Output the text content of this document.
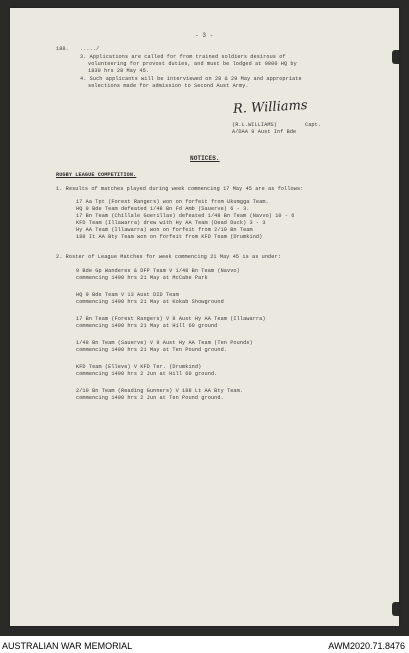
- 3 -
188. ...../
3. Applications are called for from trained soldiers desirous of
volunteering for provost duties, and must be lodged at 0800 HQ by
1830 hrs 28 May 45.
4. Such applicants will be interviewed on 28 & 29 May and appropriate
selections made for admission to Second Aust Army.
R. Williams
(R.L.WILLIAMS)	Capt.
A/DAA 9 Aust Inf Bde
NOTICES.
RUGBY LEAGUE COMPETITION.
1. Results of matches played during week commencing 17 May 45 are as follows:
17 Aa Tpt (Forest Rangers) won on forfeit from Ukumgga Team.
HQ 9 Bde Team defeated 1/48 Bn Fd Amb (Sauerve) 6 - 3.
17 Bn Team (Chillale Guerillas) defeated 1/48 Bn Team (Navvo) 10 - 6
KFD Team (Illawarra) drew with Hy AA Team (Dead Duck) 3 - 3
Hy AA Team (Illawarra) won on forfeit from 2/10 Bn Team
188 It AA Bty Team won on forfeit from KFD Team (Drumkind)
2. Roster of League Matches for week commencing 21 May 45 is as under:
9 Bde Gp Wanderes & DFP Team V 1/48 Bn Team (Navvo)
commencing 1400 hrs 21 May at McCabe Park
HQ 9 Bde Team V 13 Aust DID Team
commencing 1400 hrs 21 May at Kokab Showground
17 Bn Team (Forest Rangers) V 8 Aust Hy AA Team (Illawarra)
commencing 1400 hrs 21 May at Hill 60 ground
1/48 Bn Team (Sauerve) V 9 Aust Hy AA Team (Ten Pounds)
commencing 1400 hrs 21 May at Ten Pound ground.
KFD Team (Elleve) V KFD Ter. (Drumkind)
commencing 1400 hrs 2 Jun at Hill 60 ground.
2/10 Bn Team (Reading Gunners) V 188 Lt AA Bty Team.
commencing 1400 hrs 2 Jun at Ten Pound ground.
AUSTRALIAN WAR MEMORIAL	AWM2020.71.8476
